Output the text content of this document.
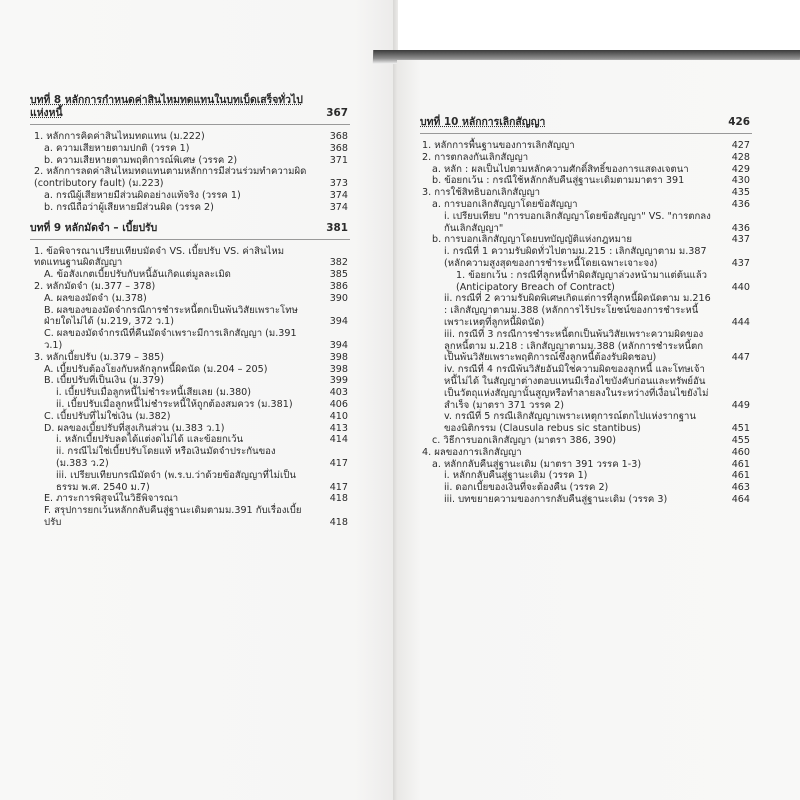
บทที่ 8 หลักการกำหนดค่าสินไหมทดแทนในบทเบ็ดเสร็จทั่วไปแห่งหนี้	367
1. หลักการคิดค่าสินไหมทดแทน (ม.222)	368
a. ความเสียหายตามปกติ (วรรค 1)	368
b. ความเสียหายตามพฤติการณ์พิเศษ (วรรค 2)	371
2. หลักการลดค่าสินไหมทดแทนตามหลักการมีส่วนร่วมทำความผิด (contributory fault) (ม.223)	373
a. กรณีผู้เสียหายมีส่วนผิดอย่างแท้จริง (วรรค 1)	374
b. กรณีถือว่าผู้เสียหายมีส่วนผิด (วรรค 2)	374
บทที่ 9 หลักมัดจำ – เบี้ยปรับ	381
1. ข้อพิจารณาเปรียบเทียบมัดจำ VS. เบี้ยปรับ VS. ค่าสินไหมทดแทนฐานผิดสัญญา	382
A. ข้อสังเกตเบี้ยปรับกับหนี้อันเกิดแต่มูลละเมิด	385
2. หลักมัดจำ (ม.377 – 378)	386
A. ผลของมัดจำ (ม.378)	390
B. ผลของของมัดจำกรณีการชำระหนี้ตกเป็นพ้นวิสัยเพราะโทษฝ่ายใดไม่ได้ (ม.219, 372 ว.1)	394
C. ผลของมัดจำกรณีที่คืนมัดจำเพราะมีการเลิกสัญญา (ม.391 ว.1)	394
3. หลักเบี้ยปรับ (ม.379 – 385)	398
A. เบี้ยปรับต้องโยงกับหลักลูกหนี้ผิดนัด (ม.204 – 205)	398
B. เบี้ยปรับที่เป็นเงิน (ม.379)	399
i. เบี้ยปรับเมื่อลูกหนี้ไม่ชำระหนี้เสียเลย (ม.380)	403
ii. เบี้ยปรับเมื่อลูกหนี้ไม่ชำระหนี้ให้ถูกต้องสมควร (ม.381)	406
C. เบี้ยปรับที่ไม่ใช่เงิน (ม.382)	410
D. ผลของเบี้ยปรับที่สูงเกินส่วน (ม.383 ว.1)	413
i. หลักเบี้ยปรับลดได้แต่งดไม่ได้ และข้อยกเว้น	414
ii. กรณีไม่ใช่เบี้ยปรับโดยแท้ หรือเงินมัดจำประกันของ (ม.383 ว.2)	417
iii. เปรียบเทียบกรณีมัดจำ (พ.ร.บ.ว่าด้วยข้อสัญญาที่ไม่เป็นธรรม พ.ศ. 2540 ม.7)	417
E. ภาระการพิสูจน์ในวิธีพิจารณา	418
F. สรุปการยกเว้นหลักกลับคืนสู่ฐานะเดิมตามม.391 กับเรื่องเบี้ยปรับ	418
บทที่ 10 หลักการเลิกสัญญา	426
1. หลักการพื้นฐานของการเลิกสัญญา	427
2. การตกลงกันเลิกสัญญา	428
a. หลัก : ผลเป็นไปตามหลักความศักดิ์สิทธิ์ของการแสดงเจตนา	429
b. ข้อยกเว้น : กรณีใช้หลักกลับคืนสู่ฐานะเดิมตามมาตรา 391	430
3. การใช้สิทธิบอกเลิกสัญญา	435
a. การบอกเลิกสัญญาโดยข้อสัญญา	436
i. เปรียบเทียบ "การบอกเลิกสัญญาโดยข้อสัญญา" VS. "การตกลงกันเลิกสัญญา"	436
b. การบอกเลิกสัญญาโดยบทบัญญัติแห่งกฎหมาย	437
i. กรณีที่ 1 ความรับผิดทั่วไปตามม.215 : เลิกสัญญาตาม ม.387 (หลักความสูงสุดของการชำระหนี้โดยเฉพาะเจาะจง)	437
1. ข้อยกเว้น : กรณีที่ลูกหนี้ทำผิดสัญญาล่วงหน้ามาแต่ต้นแล้ว (Anticipatory Breach of Contract)	440
ii. กรณีที่ 2 ความรับผิดพิเศษเกิดแต่การที่ลูกหนี้ผิดนัดตาม ม.216 : เลิกสัญญาตามม.388 (หลักการไร้ประโยชน์ของการชำระหนี้เพราะเหตุที่ลูกหนี้ผิดนัด)	444
iii. กรณีที่ 3 กรณีการชำระหนี้ตกเป็นพ้นวิสัยเพราะความผิดของลูกหนี้ตาม ม.218 : เลิกสัญญาตามม.388 (หลักการชำระหนี้ตกเป็นพ้นวิสัยเพราะพฤติการณ์ซึ่งลูกหนี้ต้องรับผิดชอบ)	447
iv. กรณีที่ 4 กรณีพ้นวิสัยอันมิใช่ความผิดของลูกหนี้ และโทษเจ้าหนี้ไม่ได้ ในสัญญาต่างตอบแทนมีเรื่องไขบังคับก่อนและทรัพย์อันเป็นวัตถุแห่งสัญญานั้นสูญหรือทำลายลงในระหว่างที่เงื่อนไขยังไม่สำเร็จ (มาตรา 371 วรรค 2)	449
v. กรณีที่ 5 กรณีเลิกสัญญาเพราะเหตุการณ์ตกไปแห่งรากฐานของนิติกรรม (Clausula rebus sic stantibus)	451
c. วิธีการบอกเลิกสัญญา (มาตรา 386, 390)	455
4. ผลของการเลิกสัญญา	460
a. หลักกลับคืนสู่ฐานะเดิม (มาตรา 391 วรรค 1-3)	461
i. หลักกลับคืนสู่ฐานะเดิม (วรรค 1)	461
ii. ดอกเบี้ยของเงินที่จะต้องคืน (วรรค 2)	463
iii. บทขยายความของการกลับคืนสู่ฐานะเดิม (วรรค 3)	464
